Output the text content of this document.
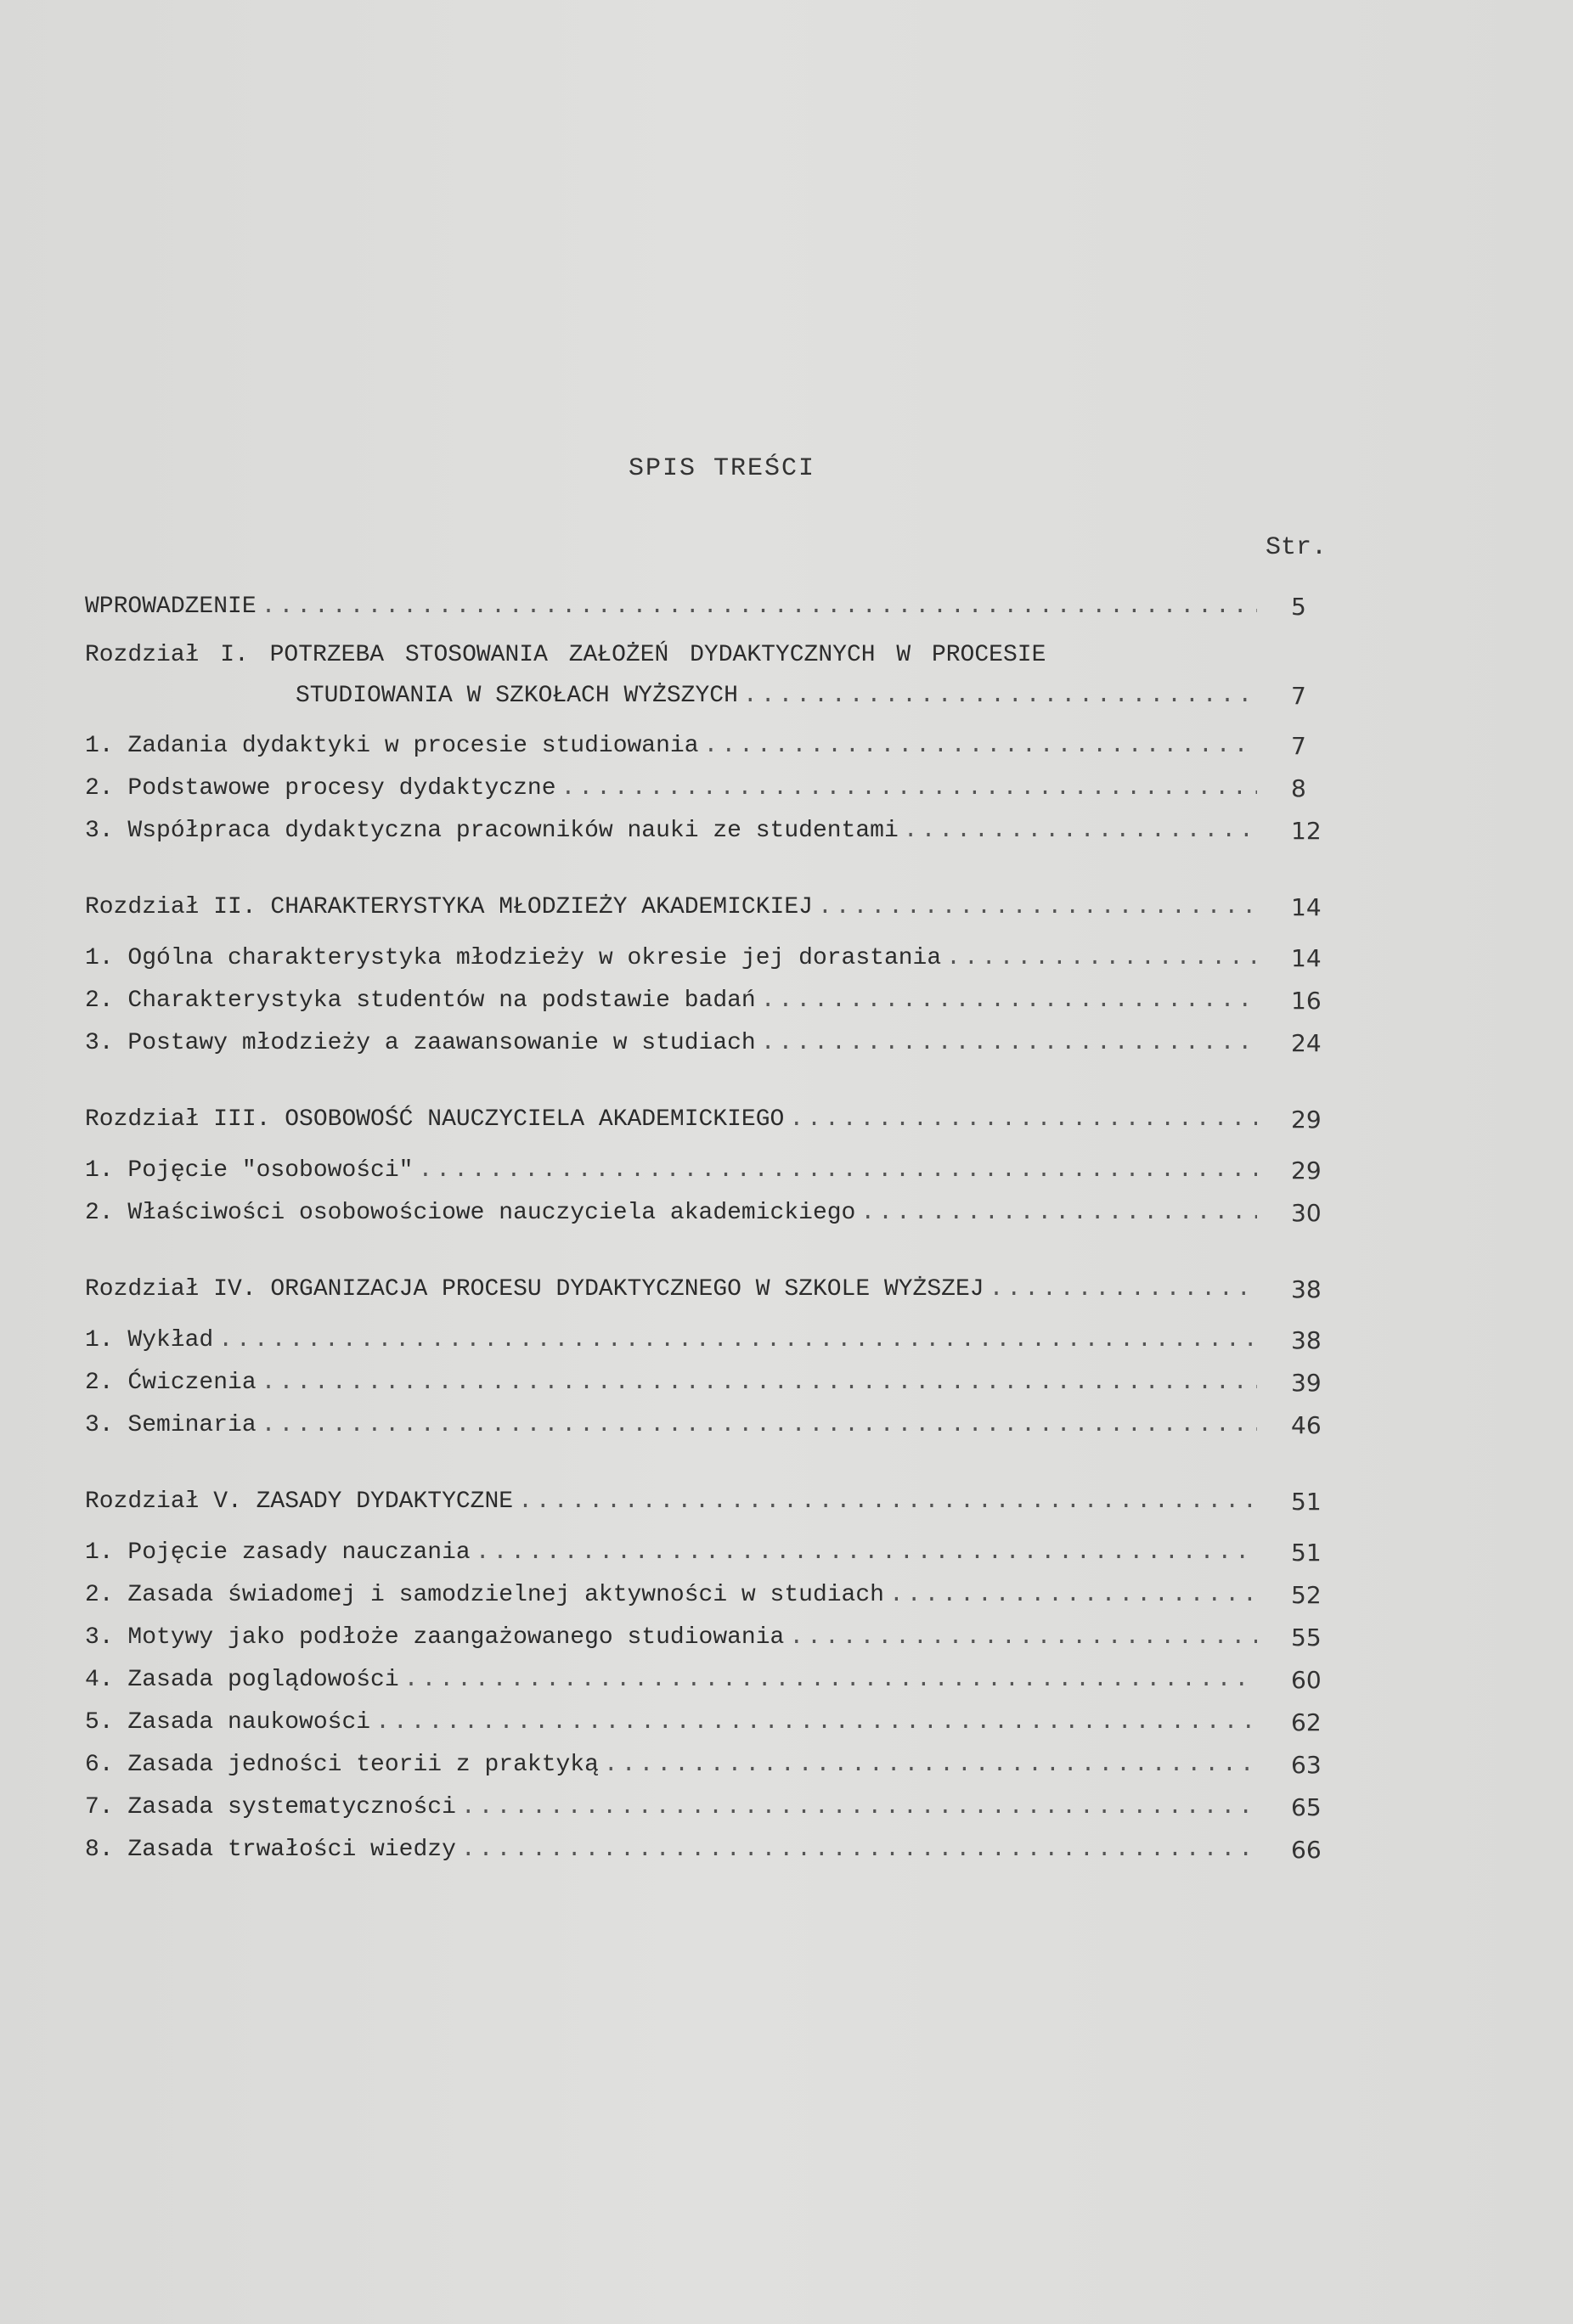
SPIS TREŚCI
Str.
WPROWADZENIE .....	5
Rozdział I. POTRZEBA STOSOWANIA ZAŁOŻEŃ DYDAKTYCZNYCH W PROCESIE
STUDIOWANIA W SZKOŁACH WYŻSZYCH .....	7
1. Zadania dydaktyki w procesie studiowania .....	7
2. Podstawowe procesy dydaktyczne .....	8
3. Współpraca dydaktyczna pracowników nauki ze studentami .....	12
Rozdział II. CHARAKTERYSTYKA MŁODZIEŻY AKADEMICKIEJ .....	14
1. Ogólna charakterystyka młodzieży w okresie jej dorastania .....	14
2. Charakterystyka studentów na podstawie badań .....	16
3. Postawy młodzieży a zaawansowanie w studiach .....	24
Rozdział III. OSOBOWOŚĆ NAUCZYCIELA AKADEMICKIEGO .....	29
1. Pojęcie "osobowości" .....	29
2. Właściwości osobowościowe nauczyciela akademickiego .....	30
Rozdział IV. ORGANIZACJA PROCESU DYDAKTYCZNEGO W SZKOLE WYŻSZEJ .....	38
1. Wykład .....	38
2. Ćwiczenia .....	39
3. Seminaria .....	46
Rozdział V. ZASADY DYDAKTYCZNE .....	51
1. Pojęcie zasady nauczania .....	51
2. Zasada świadomej i samodzielnej aktywności w studiach .....	52
3. Motywy jako podłoże zaangażowanego studiowania .....	55
4. Zasada poglądowości .....	60
5. Zasada naukowości .....	62
6. Zasada jedności teorii z praktyką .....	63
7. Zasada systematyczności .....	65
8. Zasada trwałości wiedzy .....	66
